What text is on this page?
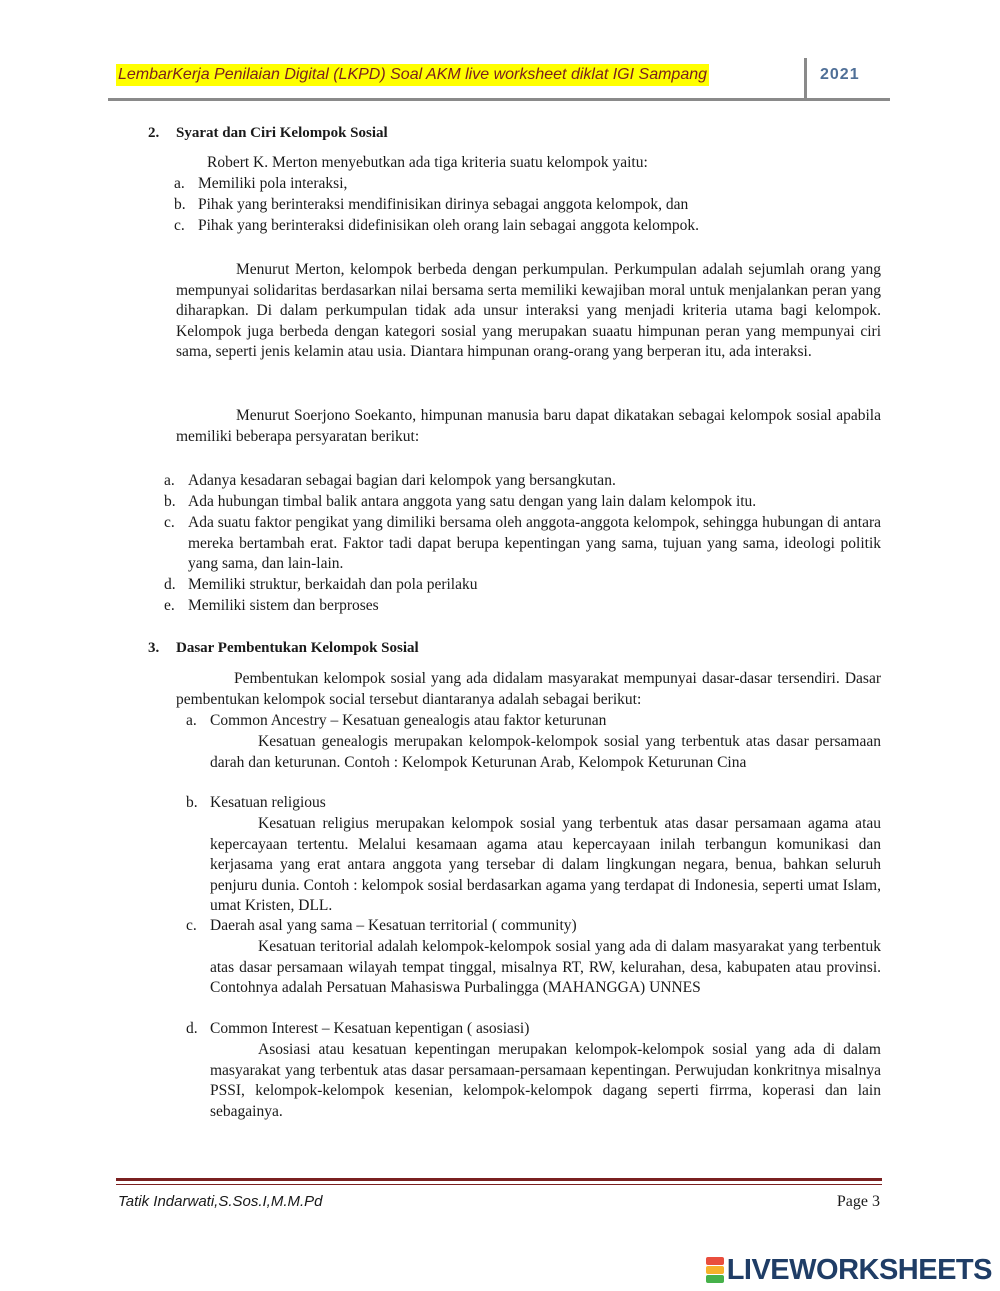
LembarKerja Penilaian Digital (LKPD) Soal AKM live worksheet diklat IGI Sampang	2021
2. Syarat dan Ciri Kelompok Sosial
Robert K. Merton menyebutkan ada tiga kriteria suatu kelompok yaitu:
a. Memiliki pola interaksi,
b. Pihak yang berinteraksi mendifinisikan dirinya sebagai anggota kelompok, dan
c. Pihak yang berinteraksi didefinisikan oleh orang lain sebagai anggota kelompok.
Menurut Merton, kelompok berbeda dengan perkumpulan. Perkumpulan adalah sejumlah orang yang mempunyai solidaritas berdasarkan nilai bersama serta memiliki kewajiban moral untuk menjalankan peran yang diharapkan. Di dalam perkumpulan tidak ada unsur interaksi yang menjadi kriteria utama bagi kelompok. Kelompok juga berbeda dengan kategori sosial yang merupakan suaatu himpunan peran yang mempunyai ciri sama, seperti jenis kelamin atau usia. Diantara himpunan orang-orang yang berperan itu, ada interaksi.
Menurut Soerjono Soekanto, himpunan manusia baru dapat dikatakan sebagai kelompok sosial apabila memiliki beberapa persyaratan berikut:
a. Adanya kesadaran sebagai bagian dari kelompok yang bersangkutan.
b. Ada hubungan timbal balik antara anggota yang satu dengan yang lain dalam kelompok itu.
c. Ada suatu faktor pengikat yang dimiliki bersama oleh anggota-anggota kelompok, sehingga hubungan di antara mereka bertambah erat. Faktor tadi dapat berupa kepentingan yang sama, tujuan yang sama, ideologi politik yang sama, dan lain-lain.
d. Memiliki struktur, berkaidah dan pola perilaku
e. Memiliki sistem dan berproses
3. Dasar Pembentukan Kelompok Sosial
Pembentukan kelompok sosial yang ada didalam masyarakat mempunyai dasar-dasar tersendiri. Dasar pembentukan kelompok social tersebut diantaranya adalah sebagai berikut:
a. Common Ancestry – Kesatuan genealogis atau faktor keturunan
Kesatuan genealogis merupakan kelompok-kelompok sosial yang terbentuk atas dasar persamaan darah dan keturunan. Contoh : Kelompok Keturunan Arab, Kelompok Keturunan Cina
b. Kesatuan religious
Kesatuan religius merupakan kelompok sosial yang terbentuk atas dasar persamaan agama atau kepercayaan tertentu. Melalui kesamaan agama atau kepercayaan inilah terbangun komunikasi dan kerjasama yang erat antara anggota yang tersebar di dalam lingkungan negara, benua, bahkan seluruh penjuru dunia. Contoh : kelompok sosial berdasarkan agama yang terdapat di Indonesia, seperti umat Islam, umat Kristen, DLL.
c. Daerah asal yang sama – Kesatuan territorial ( community)
Kesatuan teritorial adalah kelompok-kelompok sosial yang ada di dalam masyarakat yang terbentuk atas dasar persamaan wilayah tempat tinggal, misalnya RT, RW, kelurahan, desa, kabupaten atau provinsi. Contohnya adalah Persatuan Mahasiswa Purbalingga (MAHANGGA) UNNES
d. Common Interest – Kesatuan kepentigan ( asosiasi)
Asosiasi atau kesatuan kepentingan merupakan kelompok-kelompok sosial yang ada di dalam masyarakat yang terbentuk atas dasar persamaan-persamaan kepentingan. Perwujudan konkritnya misalnya PSSI, kelompok-kelompok kesenian, kelompok-kelompok dagang seperti firrma, koperasi dan lain sebagainya.
Tatik Indarwati,S.Sos.I,M.M.Pd	Page 3
LIVEWORKSHEETS
